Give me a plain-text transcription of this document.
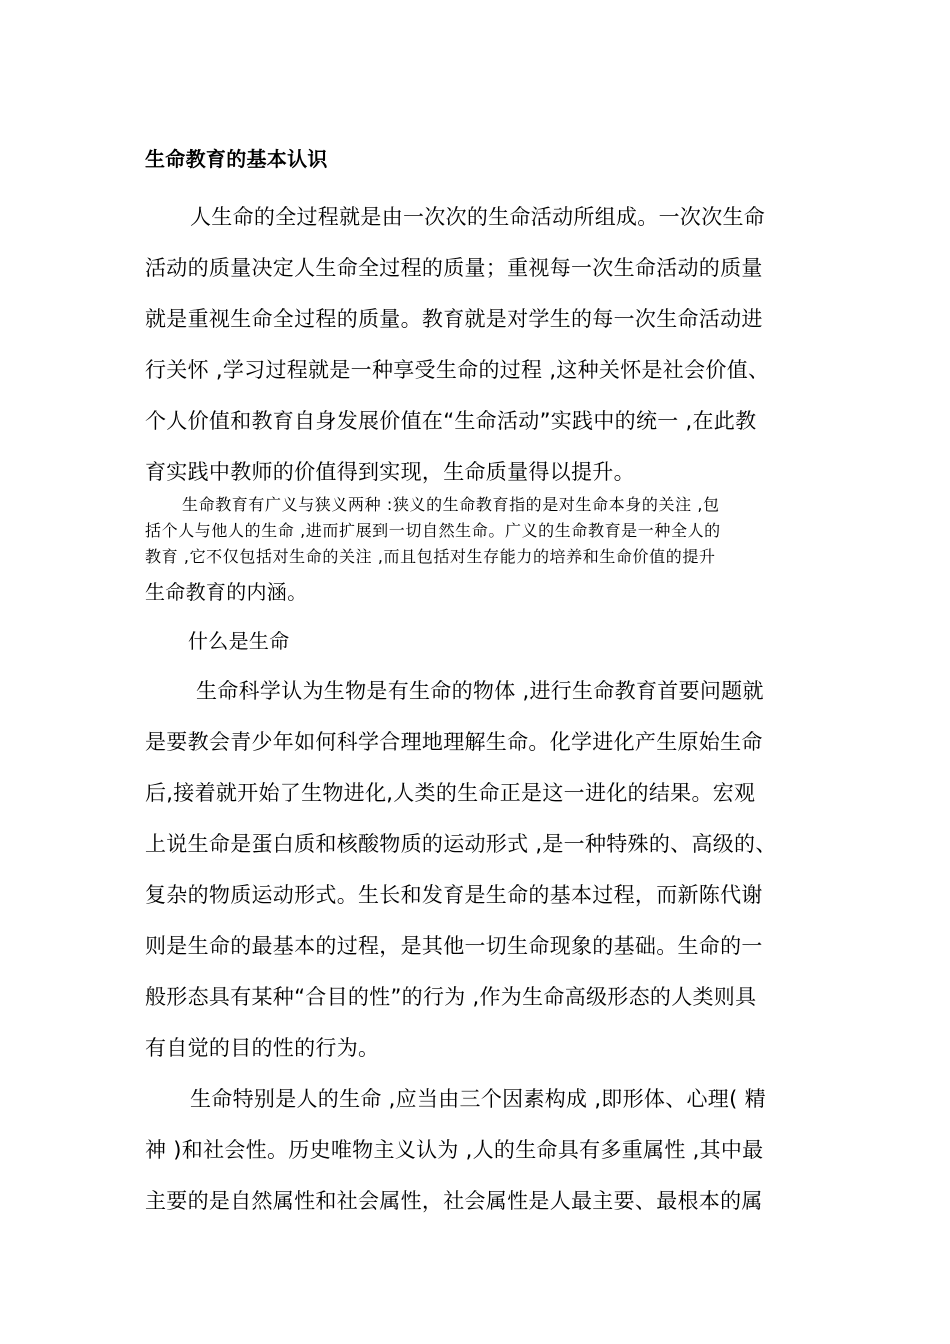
生命教育的基本认识
人生命的全过程就是由一次次的生命活动所组成。一次次生命
活动的质量决定人生命全过程的质量；重视每一次生命活动的质量
就是重视生命全过程的质量。教育就是对学生的每一次生命活动进
行关怀 ,学习过程就是一种享受生命的过程 ,这种关怀是社会价值、
个人价值和教育自身发展价值在“生命活动”实践中的统一 ,在此教
育实践中教师的价值得到实现，生命质量得以提升。
生命教育有广义与狭义两种 :狭义的生命教育指的是对生命本身的关注 ,包
括个人与他人的生命 ,进而扩展到一切自然生命。广义的生命教育是一种全人的
教育 ,它不仅包括对生命的关注 ,而且包括对生存能力的培养和生命价值的提升
生命教育的内涵。
什么是生命
生命科学认为生物是有生命的物体 ,进行生命教育首要问题就
是要教会青少年如何科学合理地理解生命。化学进化产生原始生命
后,接着就开始了生物进化,人类的生命正是这一进化的结果。宏观
上说生命是蛋白质和核酸物质的运动形式 ,是一种特殊的、高级的、
复杂的物质运动形式。生长和发育是生命的基本过程，而新陈代谢
则是生命的最基本的过程，是其他一切生命现象的基础。生命的一
般形态具有某种“合目的性”的行为 ,作为生命高级形态的人类则具
有自觉的目的性的行为。
生命特别是人的生命 ,应当由三个因素构成 ,即形体、心理( 精
神 )和社会性。历史唯物主义认为 ,人的生命具有多重属性 ,其中最
主要的是自然属性和社会属性，社会属性是人最主要、最根本的属
